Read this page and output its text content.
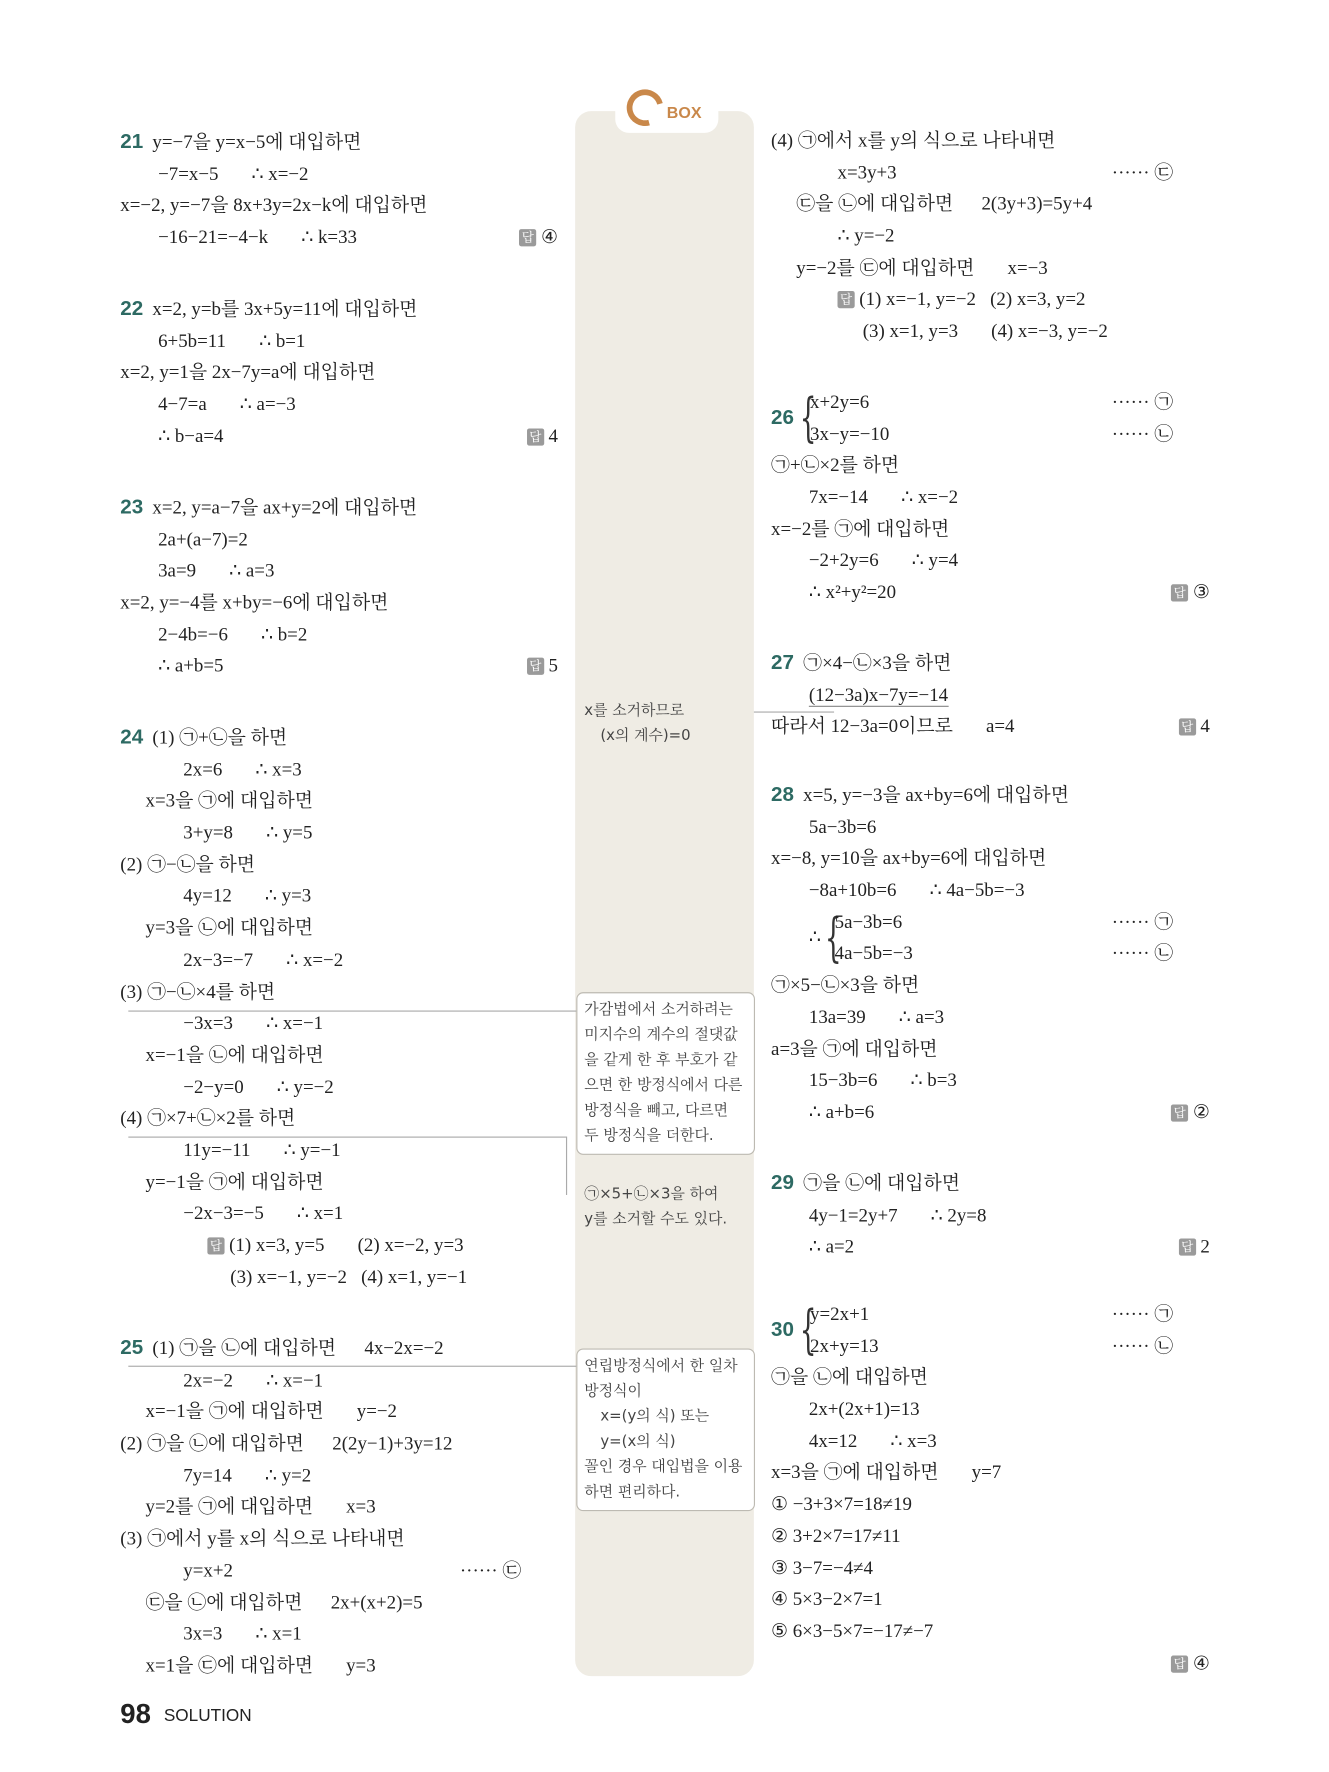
BOX
21 y=−7을 y=x−5에 대입하면
−7=x−5       ∴ x=−2
x=−2, y=−7을 8x+3y=2x−k에 대입하면
−16−21=−4−k       ∴ k=33	답 ④
22 x=2, y=b를 3x+5y=11에 대입하면
6+5b=11       ∴ b=1
x=2, y=1을 2x−7y=a에 대입하면
4−7=a       ∴ a=−3
∴ b−a=4	답 4
23 x=2, y=a−7을 ax+y=2에 대입하면
2a+(a−7)=2
3a=9       ∴ a=3
x=2, y=−4를 x+by=−6에 대입하면
2−4b=−6       ∴ b=2
∴ a+b=5	답 5
24 (1) ㉠+㉡을 하면
2x=6       ∴ x=3
x=3을 ㉠에 대입하면
3+y=8       ∴ y=5
(2) ㉠−㉡을 하면
4y=12       ∴ y=3
y=3을 ㉡에 대입하면
2x−3=−7       ∴ x=−2
(3) ㉠−㉡×4를 하면
−3x=3       ∴ x=−1
x=−1을 ㉡에 대입하면
−2−y=0       ∴ y=−2
(4) ㉠×7+㉡×2를 하면
11y=−11       ∴ y=−1
y=−1을 ㉠에 대입하면
−2x−3=−5       ∴ x=1
답 (1) x=3, y=5       (2) x=−2, y=3
(3) x=−1, y=−2   (4) x=1, y=−1
25 (1) ㉠을 ㉡에 대입하면      4x−2x=−2
2x=−2       ∴ x=−1
x=−1을 ㉠에 대입하면       y=−2
(2) ㉠을 ㉡에 대입하면      2(2y−1)+3y=12
7y=14       ∴ y=2
y=2를 ㉠에 대입하면       x=3
(3) ㉠에서 y를 x의 식으로 나타내면
y=x+2	······ ㉢
㉢을 ㉡에 대입하면      2x+(x+2)=5
3x=3       ∴ x=1
x=1을 ㉢에 대입하면       y=3
(4) ㉠에서 x를 y의 식으로 나타내면
x=3y+3	······ ㉢
㉢을 ㉡에 대입하면      2(3y+3)=5y+4
∴ y=−2
y=−2를 ㉢에 대입하면       x=−3
답 (1) x=−1, y=−2   (2) x=3, y=2
(3) x=1, y=3       (4) x=−3, y=−2
26 {
x+2y=6	······ ㉠
3x−y=−10	······ ㉡
㉠+㉡×2를 하면
7x=−14       ∴ x=−2
x=−2를 ㉠에 대입하면
−2+2y=6       ∴ y=4
∴ x²+y²=20	답 ③
27 ㉠×4−㉡×3을 하면
(12−3a)x−7y=−14
따라서 12−3a=0이므로       a=4	답 4
28 x=5, y=−3을 ax+by=6에 대입하면
5a−3b=6
x=−8, y=10을 ax+by=6에 대입하면
−8a+10b=6       ∴ 4a−5b=−3
∴ {
5a−3b=6	······ ㉠
4a−5b=−3	······ ㉡
㉠×5−㉡×3을 하면
13a=39       ∴ a=3
a=3을 ㉠에 대입하면
15−3b=6       ∴ b=3
∴ a+b=6	답 ②
29 ㉠을 ㉡에 대입하면
4y−1=2y+7       ∴ 2y=8
∴ a=2	답 2
30 {
y=2x+1	······ ㉠
2x+y=13	······ ㉡
㉠을 ㉡에 대입하면
2x+(2x+1)=13
4x=12       ∴ x=3
x=3을 ㉠에 대입하면       y=7
① −3+3×7=18≠19
② 3+2×7=17≠11
③ 3−7=−4≠4
④ 5×3−2×7=1
⑤ 6×3−5×7=−17≠−7
답 ④
x를 소거하므로
(x의 계수)=0
가감법에서 소거하려는 미지수의 계수의 절댓값을 같게 한 후 부호가 같으면 한 방정식에서 다른 방정식을 빼고, 다르면 두 방정식을 더한다.
㉠×5+㉡×3을 하여
y를 소거할 수도 있다.
연립방정식에서 한 일차방정식이
x=(y의 식) 또는
y=(x의 식)
꼴인 경우 대입법을 이용하면 편리하다.
98 SOLUTION
